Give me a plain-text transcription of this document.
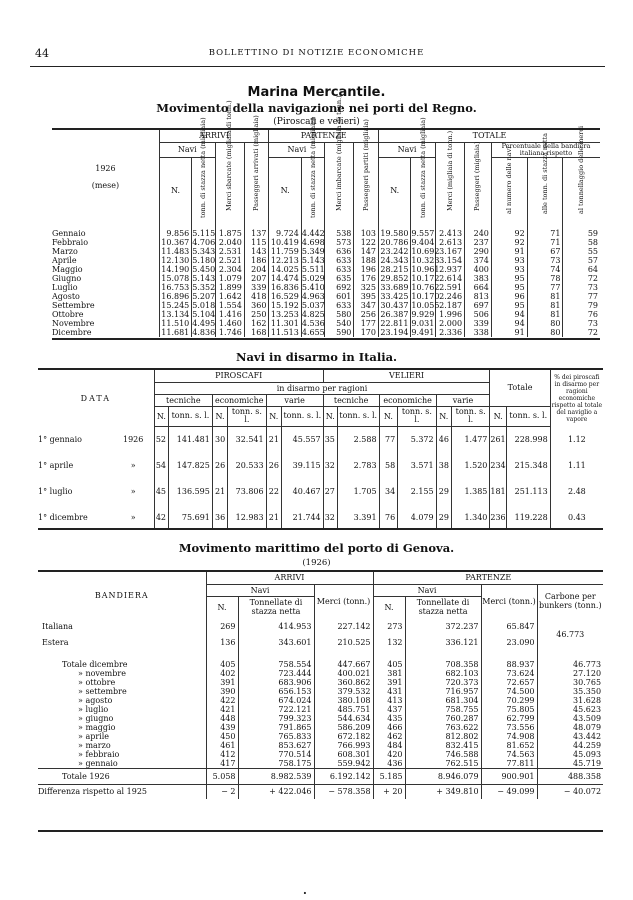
44	BOLLETTINO DI NOTIZIE ECONOMICHE
Marina Mercantile.
Movimento della navigazione nei porti del Regno.
(Piroscafi e velieri)
1926
(mese)	ARRIVI				PARTENZE				TOTALE						
	Navi		Merci sbarcate (migliaia di tonn.)	Passeggeri arrivati (migliaia)	Navi		Merci imbarcate (migliaia di tonn.)	Passeggeri partiti (migliaia)	Navi		Merci (migliaia di tonn.)	Passeggeri (migliaia)	Percentuale della bandiera italiana rispetto		
	N.	tonn. di stazza netta (migliaia)			N.	tonn. di stazza netta (migliaia)			N.	tonn. di stazza netta (migliaia)			al numero delle navi	alle tonn. di stazza netta	al tonnellaggio delle merci

Gennaio	9.856	5.115	1.875	137	9.724	4.442	538	103	19.580	9.557	2.413	240	92	71	59
Febbraio	10.367	4.706	2.040	115	10.419	4.698	573	122	20.786	9.404	2.613	237	92	71	58
Marzo	11.483	5.343	2.531	143	11.759	5.349	636	147	23.242	10.692	3.167	290	91	67	55
Aprile	12.130	5.180	2.521	186	12.213	5.143	633	188	24.343	10.323	3.154	374	93	73	57
Maggio	14.190	5.450	2.304	204	14.025	5.511	633	196	28.215	10.961	2.937	400	93	74	64
Giugno	15.078	5.143	1.079	207	14.474	5.029	635	176	29.852	10.172	2.614	383	95	78	72
Luglio	16.753	5.352	1.899	339	16.836	5.410	692	325	33.689	10.762	2.591	664	95	77	73
Agosto	16.896	5.207	1.642	418	16.529	4.963	601	395	33.425	10.170	2.246	813	96	81	77
Settembre	15.245	5.018	1.554	360	15.192	5.037	633	347	30.437	10.055	2.187	697	95	81	79
Ottobre	13.134	5.104	1.416	250	13.253	4.825	580	256	26.387	9.929	1.996	506	94	81	76
Novembre	11.510	4.495	1.460	162	11.301	4.536	540	177	22.811	9.031	2.000	339	94	80	73
Dicembre	11.681	4.836	1.746	168	11.513	4.655	590	170	23.194	9.491	2.336	338	91	80	72
Navi in disarmo in Italia.
DATA		PIROSCAFI						VELIERI						Totale		% dei piroscafi in disarmo per ragioni economiche rispetto al totale del naviglio a vapore
		in disarmo per ragioni														
		tecniche		economiche		varie		tecniche		economiche		varie				
		N.	tonn. s. l.	N.	tonn. s. l.	N.	tonn. s. l.	N.	tonn. s. l.	N.	tonn. s. l.	N.	tonn. s. l.	N.	tonn. s. l.	
1° gennaio	1926	52	141.481	30	32.541	21	45.557	35	2.588	77	5.372	46	1.477	261	228.998	1.12
1° aprile	»	54	147.825	26	20.533	26	39.115	32	2.783	58	3.571	38	1.520	234	215.348	1.11
1° luglio	»	45	136.595	21	73.806	22	40.467	27	1.705	34	2.155	29	1.385	181	251.113	2.48
1° dicembre	»	42	75.691	36	12.983	21	21.744	32	3.391	76	4.079	29	1.340	236	119.228	0.43
Movimento marittimo del porto di Genova.
(1926)
BANDIERA	ARRIVI			PARTENZE			
	Navi		Merci (tonn.)	Navi		Merci (tonn.)	Carbone per bunkers (tonn.)
	N.	Tonnellate di stazza netta		N.	Tonnellate di stazza netta		
Italiana	269	414.953	227.142	273	372.237	65.847	46.773
Estera	136	343.601	210.525	132	336.121	23.090	

Totale dicembre	405	758.554	447.667	405	708.358	88.937	46.773
» novembre	402	723.444	400.021	381	682.103	73.624	27.120
» ottobre	391	683.906	360.862	391	720.373	72.657	30.765
» settembre	390	656.153	379.532	431	716.957	74.500	35.350
» agosto	422	674.024	380.108	413	681.304	70.299	31.628
» luglio	421	722.121	485.751	437	758.755	75.805	45.623
» giugno	448	799.323	544.634	435	760.287	62.799	43.509
» maggio	439	791.865	586.209	466	763.622	73.556	48.079
» aprile	450	765.833	672.182	462	812.802	74.908	43.442
» marzo	461	853.627	766.993	484	832.415	81.652	44.259
» febbraio	412	770.514	608.301	420	746.588	74.563	45.093
» gennaio	417	758.175	559.942	436	762.515	77.811	45.719
Totale 1926	5.058	8.982.539	6.192.142	5.185	8.946.079	900.901	488.358
Differenza rispetto al 1925	− 2	+ 422.046	− 578.358	+ 20	+ 349.810	− 49.099	− 40.072
.
